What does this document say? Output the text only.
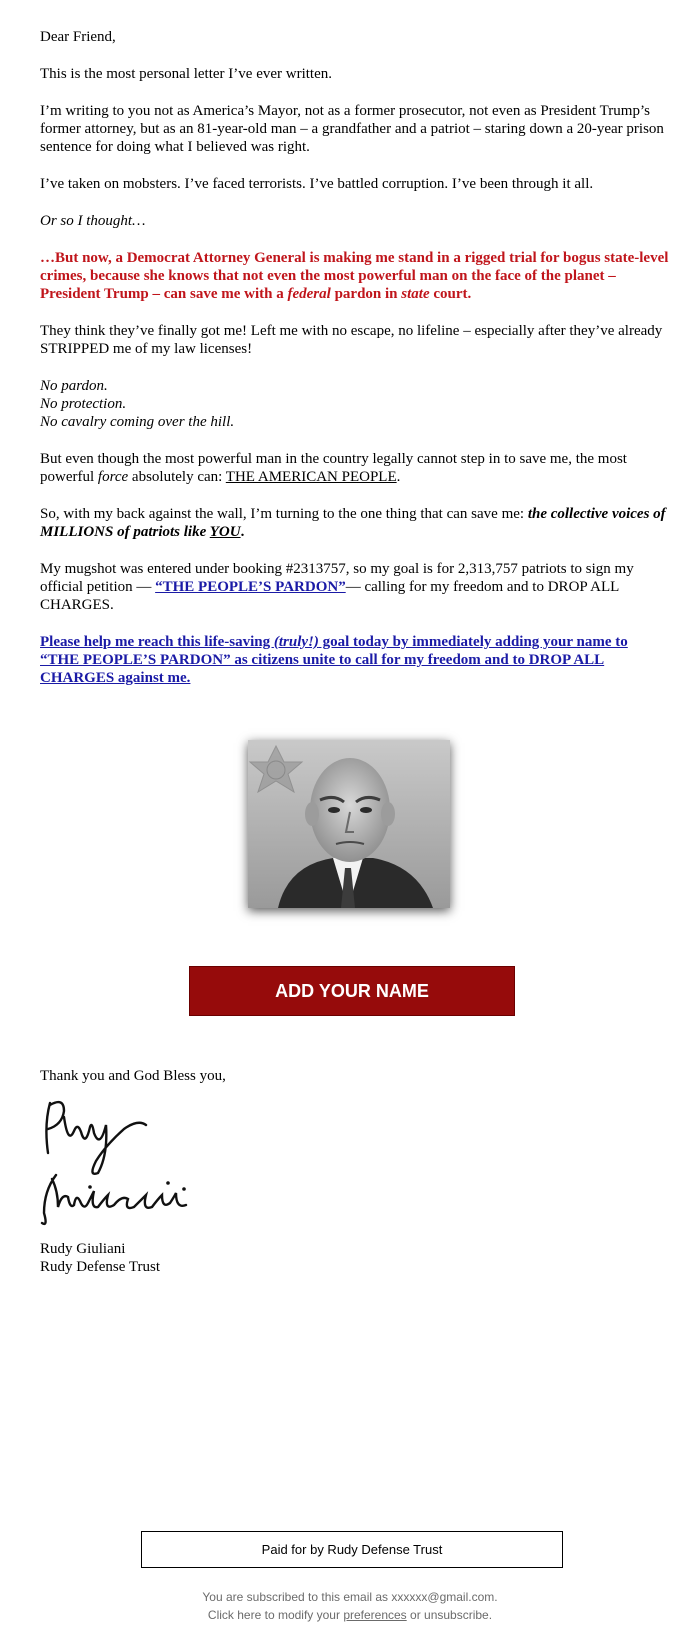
Dear Friend,

This is the most personal letter I’ve ever written.

I’m writing to you not as America’s Mayor, not as a former prosecutor, not even as President Trump’s former attorney, but as an 81-year-old man – a grandfather and a patriot – staring down a 20-year prison sentence for doing what I believed was right.

I’ve taken on mobsters. I’ve faced terrorists. I’ve battled corruption. I’ve been through it all.

Or so I thought…

…But now, a Democrat Attorney General is making me stand in a rigged trial for bogus state-level crimes, because she knows that not even the most powerful man on the face of the planet – President Trump – can save me with a federal pardon in state court.

They think they’ve finally got me! Left me with no escape, no lifeline – especially after they’ve already STRIPPED me of my law licenses!

No pardon.
No protection.
No cavalry coming over the hill.

But even though the most powerful man in the country legally cannot step in to save me, the most powerful force absolutely can: THE AMERICAN PEOPLE.

So, with my back against the wall, I’m turning to the one thing that can save me: the collective voices of MILLIONS of patriots like YOU.

My mugshot was entered under booking #2313757, so my goal is for 2,313,757 patriots to sign my official petition — “THE PEOPLE’S PARDON”— calling for my freedom and to DROP ALL CHARGES.

Please help me reach this life-saving (truly!) goal today by immediately adding your name to “THE PEOPLE’S PARDON” as citizens unite to call for my freedom and to DROP ALL CHARGES against me.

ADD YOUR NAME
Thank you and God Bless you,
Rudy Giuliani
Rudy Defense Trust
Paid for by Rudy Defense Trust
You are subscribed to this email as xxxxxx@gmail.com.
Click here to modify your preferences or unsubscribe.
